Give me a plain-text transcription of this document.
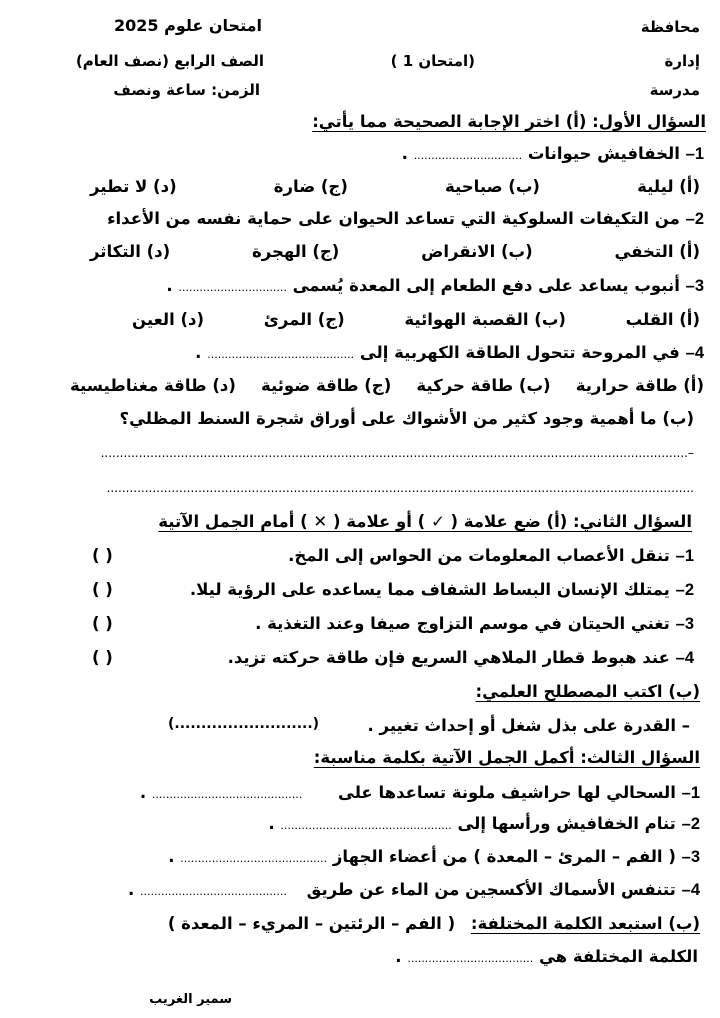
محافظة
إدارة
مدرسة
(امتحان 1 )
امتحان علوم 2025
الصف الرابع (نصف العام)
الزمن: ساعة ونصف
السؤال الأول: (أ) اختر الإجابة الصحيحة مما يأتي:
1– الخفافيش حيوانات ............................... .
(أ) ليلية
(ب) صباحية
(ج) ضارة
(د) لا تطير
2– من التكيفات السلوكية التي تساعد الحيوان على حماية نفسه من الأعداء
(أ) التخفي
(ب) الانقراض
(ج) الهجرة
(د) التكاثر
3– أنبوب يساعد على دفع الطعام إلى المعدة يُسمى ............................... .
(أ) القلب
(ب) القصبة الهوائية
(ج) المرئ
(د) العين
4– في المروحة تتحول الطاقة الكهربية إلى .......................................... .
(أ) طاقة حرارية
(ب) طاقة حركية
(ج) طاقة ضوئية
(د) طاقة مغناطيسية
(ب) ما أهمية وجود كثير من الأشواك على أوراق شجرة السنط المظلي؟
–..........................................................................................................................................................
..........................................................................................................................................................
السؤال الثاني: (أ) ضع علامة ( ✓ ) أو علامة ( ✕ ) أمام الجمل الآتية
1– تنقل الأعصاب المعلومات من الحواس إلى المخ.
( )
2– يمتلك الإنسان البساط الشفاف مما يساعده على الرؤية ليلا.
( )
3– تغني الحيتان في موسم التزاوج صيفا وعند التغذية .
( )
4– عند هبوط قطار الملاهي السريع فإن طاقة حركته تزيد.
( )
(ب) اكتب المصطلح العلمي:
– القدرة على بذل شغل أو إحداث تغيير .
(..........................)
السؤال الثالث: أكمل الجمل الآتية بكلمة مناسبة:
1– السحالي لها حراشيف ملونة تساعدها على ........................................... .
2– تنام الخفافيش ورأسها إلى ................................................. .
3– ( الفم – المرئ – المعدة ) من أعضاء الجهاز .......................................... .
4– تتنفس الأسماك الأكسجين من الماء عن طريق .......................................... .
(ب) استبعد الكلمة المختلفة: ( الفم – الرئتين – المريء – المعدة )
الكلمة المختلفة هي .................................... .
سمير الغريب
